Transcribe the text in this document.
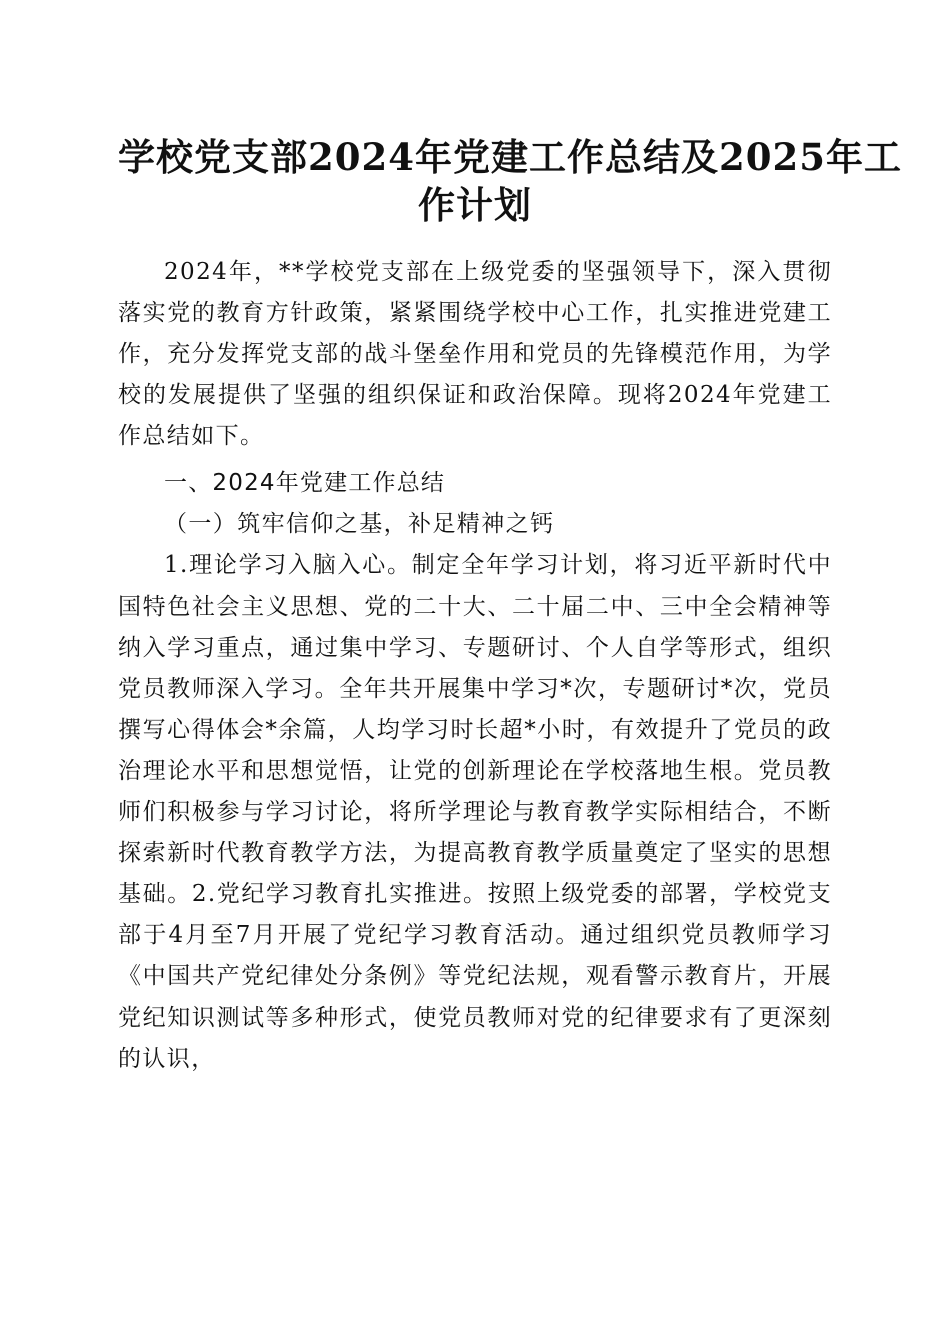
学校党支部2024年党建工作总结及2025年工
作计划

2024年，**学校党支部在上级党委的坚强领导下，深入贯彻落实党的教育方针政策，紧紧围绕学校中心工作，扎实推进党建工作，充分发挥党支部的战斗堡垒作用和党员的先锋模范作用，为学校的发展提供了坚强的组织保证和政治保障。现将2024年党建工作总结如下。

一、2024年党建工作总结

（一）筑牢信仰之基，补足精神之钙

1.理论学习入脑入心。制定全年学习计划，将习近平新时代中国特色社会主义思想、党的二十大、二十届二中、三中全会精神等纳入学习重点，通过集中学习、专题研讨、个人自学等形式，组织党员教师深入学习。全年共开展集中学习*次，专题研讨*次，党员撰写心得体会*余篇，人均学习时长超*小时，有效提升了党员的政治理论水平和思想觉悟，让党的创新理论在学校落地生根。党员教师们积极参与学习讨论，将所学理论与教育教学实际相结合，不断探索新时代教育教学方法，为提高教育教学质量奠定了坚实的思想基础。2.党纪学习教育扎实推进。按照上级党委的部署，学校党支部于4月至7月开展了党纪学习教育活动。通过组织党员教师学习《中国共产党纪律处分条例》等党纪法规，观看警示教育片，开展党纪知识测试等多种形式，使党员教师对党的纪律要求有了更深刻的认识，
